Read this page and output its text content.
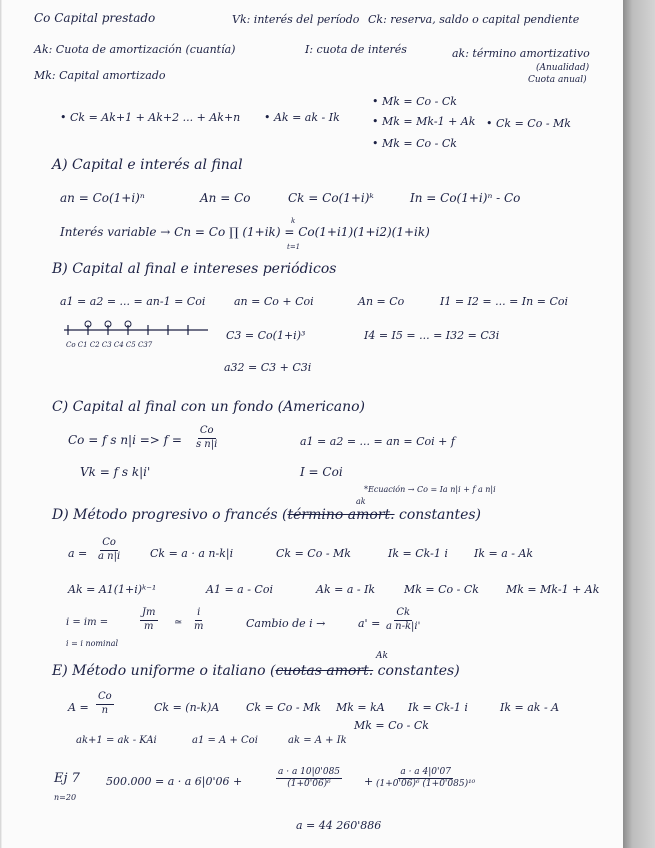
Co Capital prestado	Vk: interés del período Ck: reserva, saldo o capital pendiente
Ak: Cuota de amortización (cuantía)	I: cuota de interés	ak: término amortizativo
Mk: Capital amortizado
(Anualidad)
Cuota anual)
• Mk = Co - Ck
• Ck = Ak+1 + Ak+2 ... + Ak+n • Ak = ak - Ik	• Mk = Mk-1 + Ak • Ck = Co - Mk
• Mk = Co - Ck
A) Capital e interés al final
an = Co(1+i)ⁿ	An = Co	Ck = Co(1+i)ᵏ	In = Co(1+i)ⁿ - Co
Interés variable → Cn = Co ∏ (1+ik) = Co(1+i1)(1+i2)(1+ik)
k
t=1
B) Capital al final e intereses periódicos
a1 = a2 = ... = an-1 = Coi	an = Co + Coi	An = Co	I1 = I2 = ... = In = Coi
Co C1 C2 C3 C4 C5 C37
C3 = Co(1+i)³	I4 = I5 = ... = I32 = C3i
a32 = C3 + C3i
C) Capital al final con un fondo (Americano)
Co = f s $n|i => f = \frac{Co}{\text{s n|i}}$	a1 = a2 = ... = an = Coi + f
Vk = f s k|i'	I = Coi
*Ecuación → Co = Ia n|i + f a n|i
D) Método progresivo o francés (término amort. constantes)
ak
$a = \frac{Co}{\text{a n|i}}$	Ck = a · a n-k|i	Ck = Co - Mk	Ik = Ck-1 i Ik = a - Ak
Ak = A1(1+i)ᵏ⁻¹	A1 = a - Coi	Ak = a - Ik	Mk = Co - Ck Mk = Mk-1 + Ak
i = im =	$\frac{Jm}{m}$ ≃ $\frac{i}{m}$	Cambio de i →	$a' = \frac{Ck}{\text{a n-k|i'}}$
i = i nominal
E) Método uniforme o italiano (cuotas amort. constantes)
Ak
$A = \frac{Co}{n}$	Ck = (n-k)A Ck = Co - Mk Mk = kA Ik = Ck-1 i	Ik = ak - A
Mk = Co - Ck
ak+1 = ak - KAi	a1 = A + Coi	ak = A + Ik
Ej 7
n=20
500.000 = a · a 6|0'06 +	$\frac{a \cdot a 10|0'085}{\text{(1+0'06)⁶}} + \frac{a \cdot a 4|0'07}{\text{(1+0'06)⁶ (1+0'085)¹⁰}}$
a = 44 260'886
